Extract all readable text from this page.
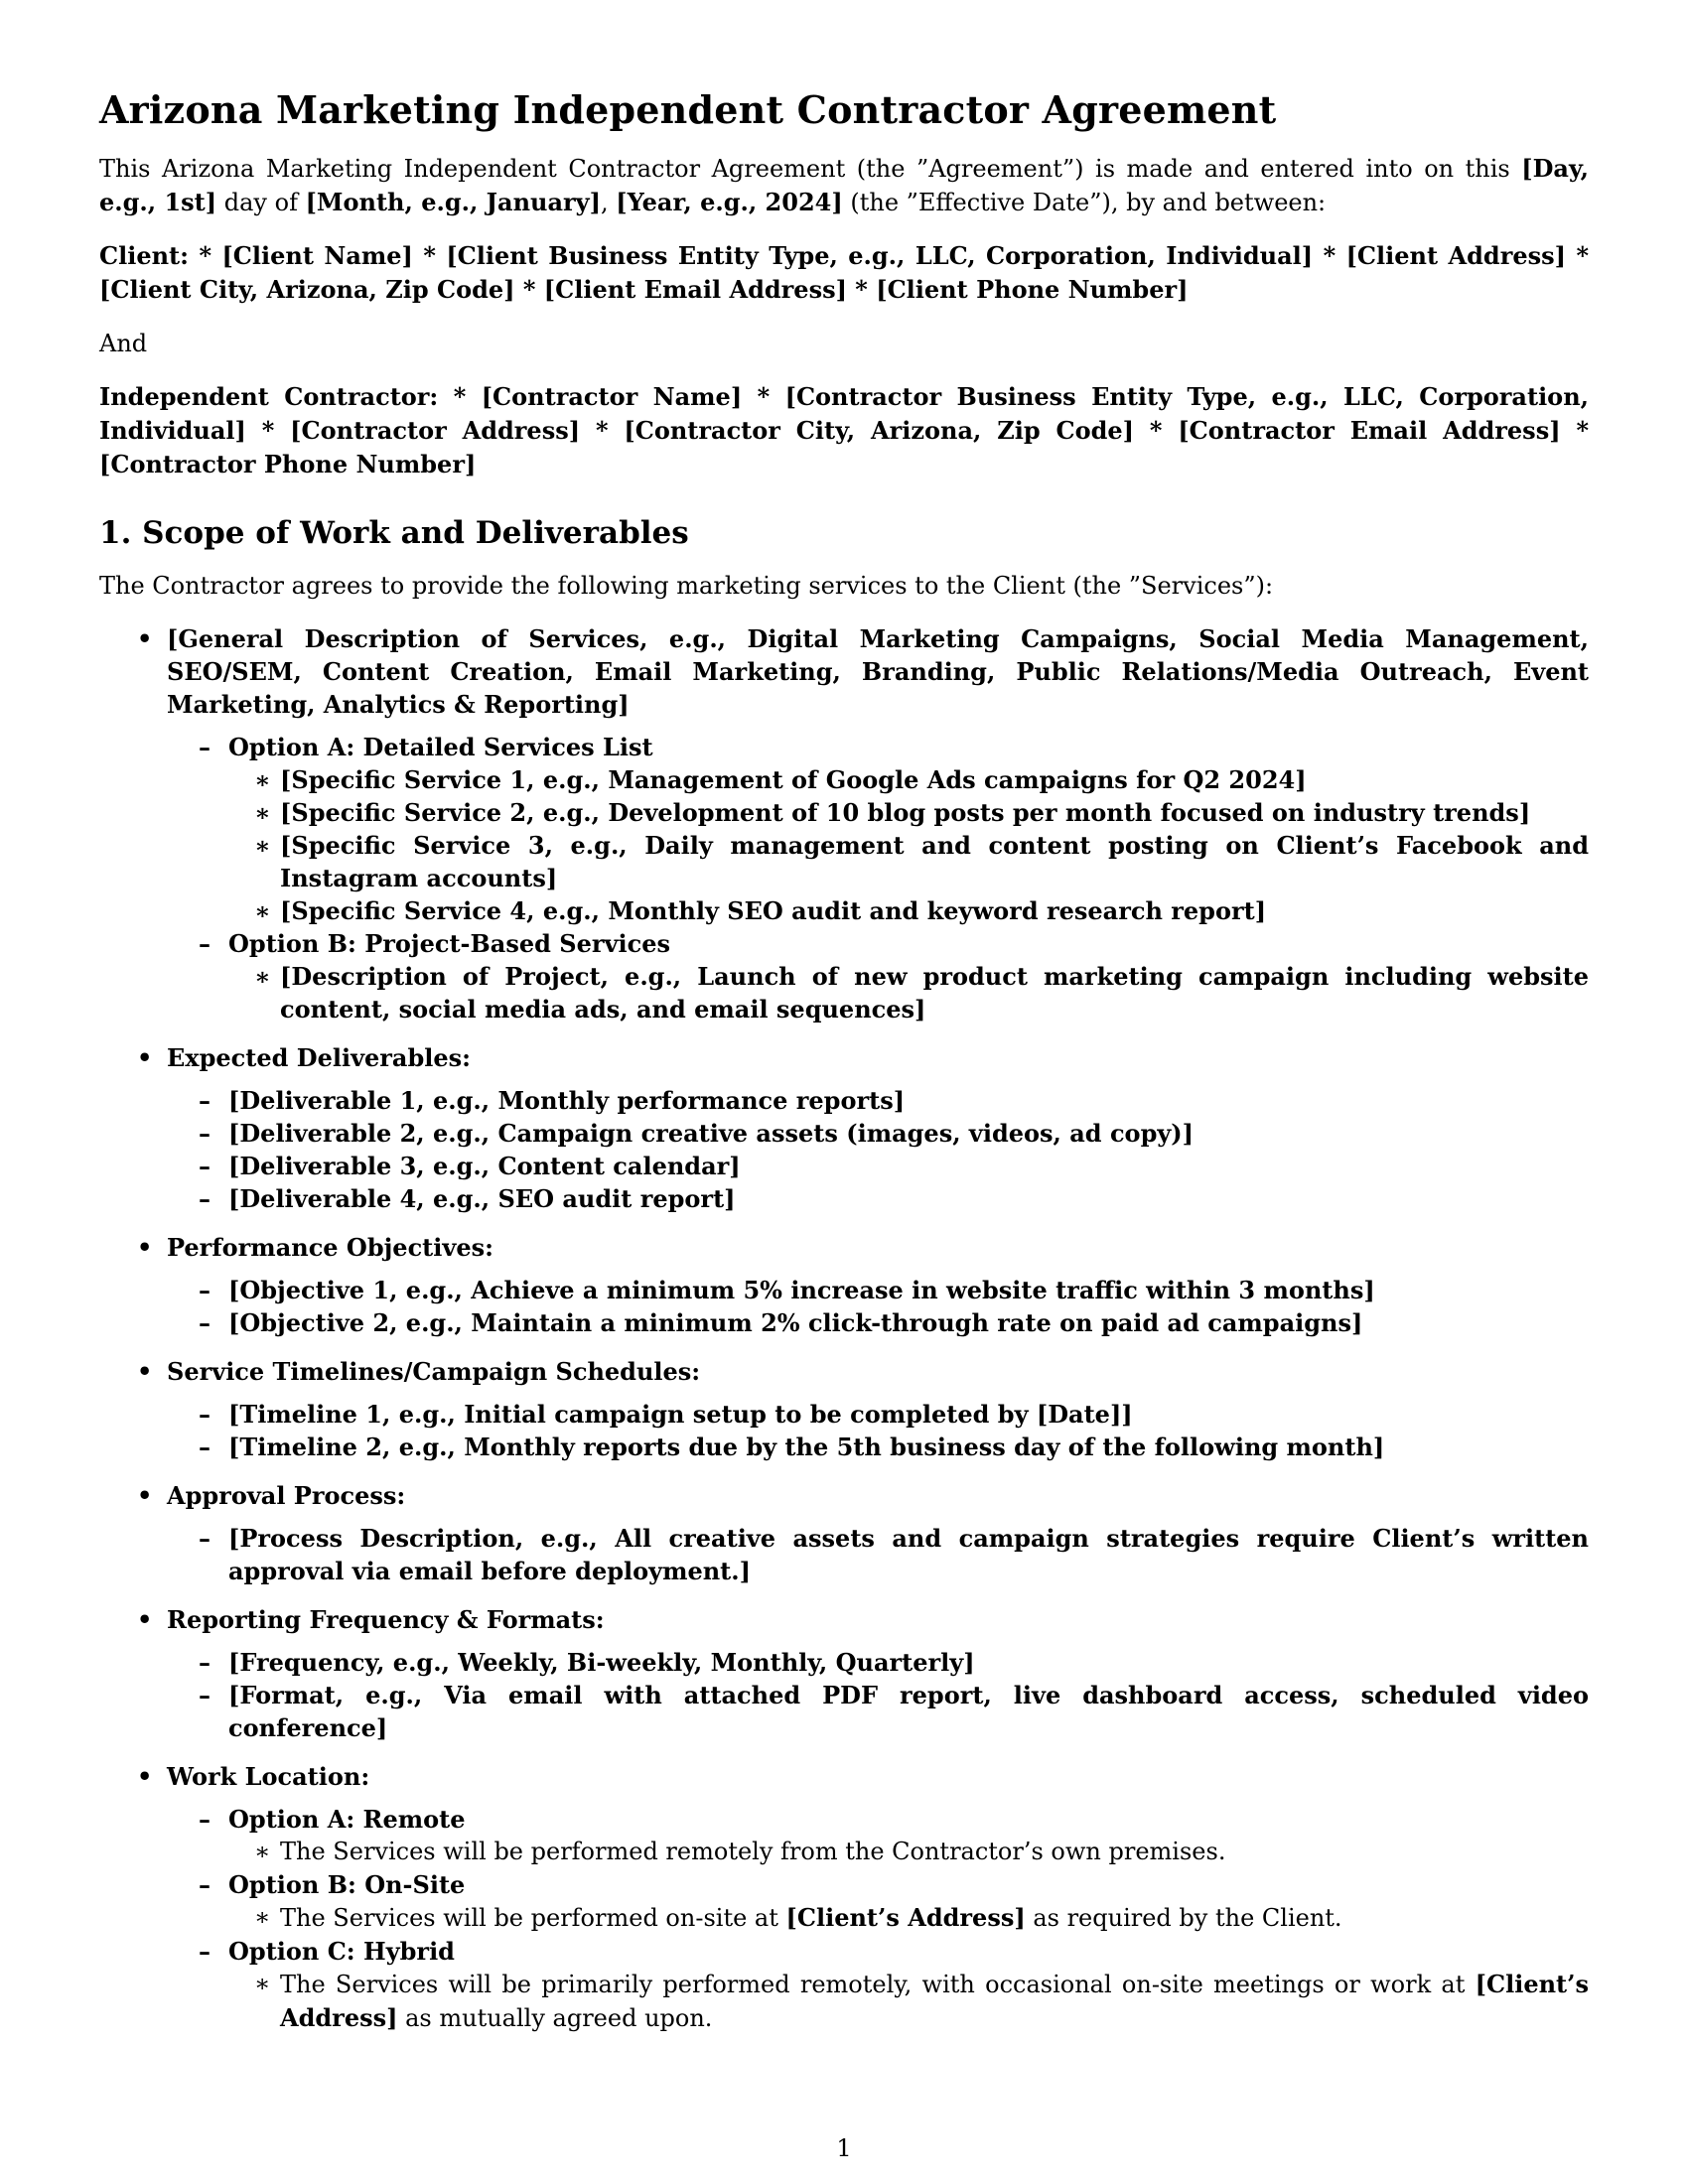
Arizona Marketing Independent Contractor Agreement

This Arizona Marketing Independent Contractor Agreement (the ”Agreement”) is made and entered into on this [Day, e.g., 1st] day of [Month, e.g., January], [Year, e.g., 2024] (the ”Effective Date”), by and between:

Client: * [Client Name] * [Client Business Entity Type, e.g., LLC, Corporation, Individual] * [Client Address] * [Client City, Arizona, Zip Code] * [Client Email Address] * [Client Phone Number]

And

Independent Contractor: * [Contractor Name] * [Contractor Business Entity Type, e.g., LLC, Corporation, Individual] * [Contractor Address] * [Contractor City, Arizona, Zip Code] * [Contractor Email Address] * [Contractor Phone Number]

1. Scope of Work and Deliverables

The Contractor agrees to provide the following marketing services to the Client (the ”Services”):

• [General Description of Services, e.g., Digital Marketing Campaigns, Social Media Management, SEO/SEM, Content Creation, Email Marketing, Branding, Public Relations/Media Outreach, Event Marketing, Analytics & Reporting]
– Option A: Detailed Services List
∗ [Specific Service 1, e.g., Management of Google Ads campaigns for Q2 2024]
∗ [Specific Service 2, e.g., Development of 10 blog posts per month focused on industry trends]
∗ [Specific Service 3, e.g., Daily management and content posting on Client’s Facebook and Instagram accounts]
∗ [Specific Service 4, e.g., Monthly SEO audit and keyword research report]
– Option B: Project-Based Services
∗ [Description of Project, e.g., Launch of new product marketing campaign including website content, social media ads, and email sequences]
• Expected Deliverables:
– [Deliverable 1, e.g., Monthly performance reports]
– [Deliverable 2, e.g., Campaign creative assets (images, videos, ad copy)]
– [Deliverable 3, e.g., Content calendar]
– [Deliverable 4, e.g., SEO audit report]
• Performance Objectives:
– [Objective 1, e.g., Achieve a minimum 5% increase in website traffic within 3 months]
– [Objective 2, e.g., Maintain a minimum 2% click-through rate on paid ad campaigns]
• Service Timelines/Campaign Schedules:
– [Timeline 1, e.g., Initial campaign setup to be completed by [Date]]
– [Timeline 2, e.g., Monthly reports due by the 5th business day of the following month]
• Approval Process:
– [Process Description, e.g., All creative assets and campaign strategies require Client’s written approval via email before deployment.]
• Reporting Frequency & Formats:
– [Frequency, e.g., Weekly, Bi-weekly, Monthly, Quarterly]
– [Format, e.g., Via email with attached PDF report, live dashboard access, scheduled video conference]
• Work Location:
– Option A: Remote
∗ The Services will be performed remotely from the Contractor’s own premises.
– Option B: On-Site
∗ The Services will be performed on-site at [Client’s Address] as required by the Client.
– Option C: Hybrid
∗ The Services will be primarily performed remotely, with occasional on-site meetings or work at [Client’s Address] as mutually agreed upon.
1
